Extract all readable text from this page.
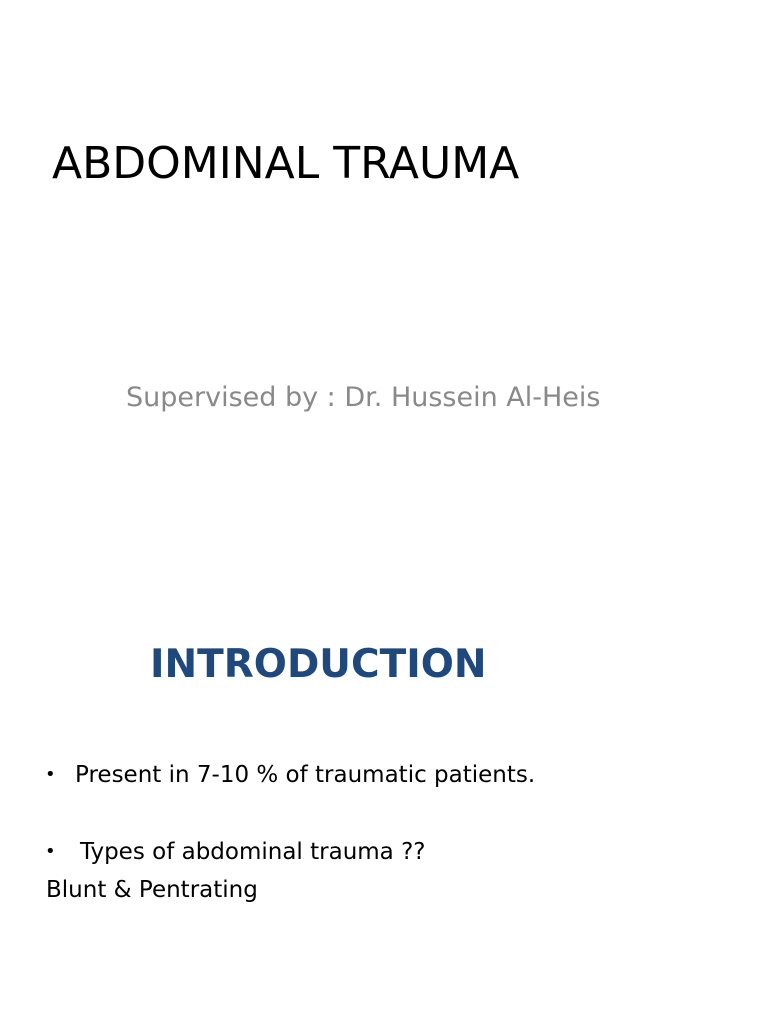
ABDOMINAL TRAUMA
Supervised by : Dr. Hussein Al-Heis
INTRODUCTION
• Present in 7-10 % of traumatic patients.
• Types of abdominal trauma ??
Blunt & Pentrating
